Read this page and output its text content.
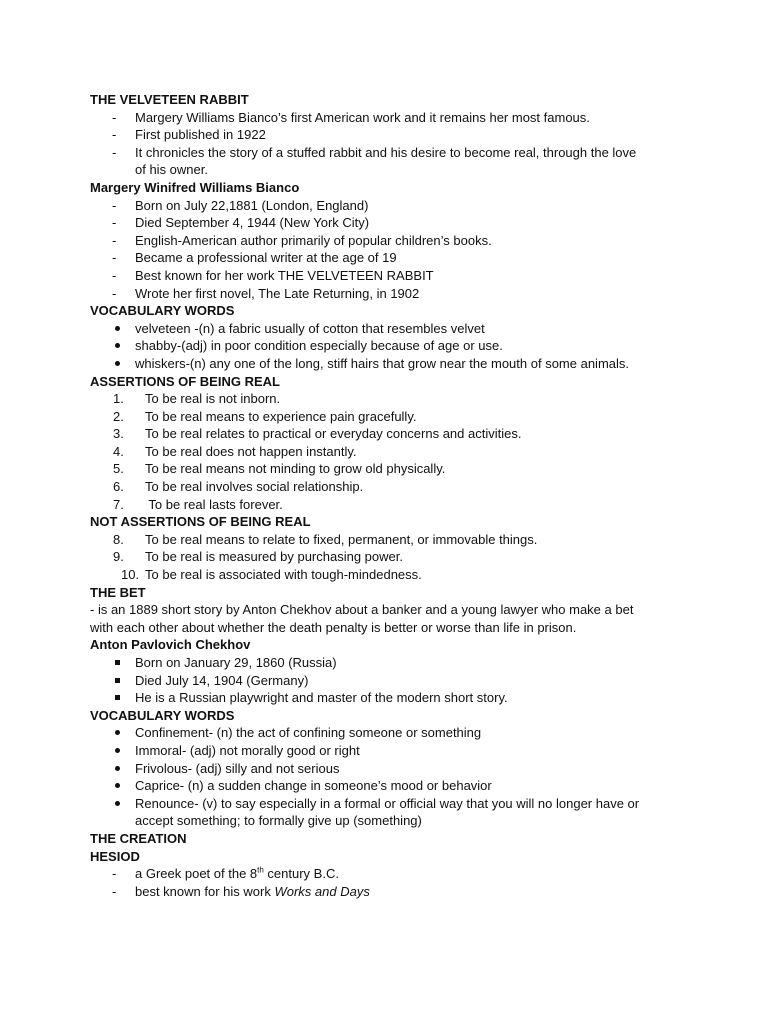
THE VELVETEEN RABBIT
-	Margery Williams Bianco’s first American work and it remains her most famous.
-	First published in 1922
-	It chronicles the story of a stuffed rabbit and his desire to become real, through the love
of his owner.
Margery Winifred Williams Bianco
-	Born on July 22,1881 (London, England)
-	Died September 4, 1944 (New York City)
-	English-American author primarily of popular children’s books.
-	Became a professional writer at the age of 19
-	Best known for her work THE VELVETEEN RABBIT
-	Wrote her first novel, The Late Returning, in 1902
VOCABULARY WORDS
velveteen -(n) a fabric usually of cotton that resembles velvet
shabby-(adj) in poor condition especially because of age or use.
whiskers-(n) any one of the long, stiff hairs that grow near the mouth of some animals.
ASSERTIONS OF BEING REAL
1.	To be real is not inborn.
2.	To be real means to experience pain gracefully.
3.	To be real relates to practical or everyday concerns and activities.
4.	To be real does not happen instantly.
5.	To be real means not minding to grow old physically.
6.	To be real involves social relationship.
7.	To be real lasts forever.
NOT ASSERTIONS OF BEING REAL
8.	To be real means to relate to fixed, permanent, or immovable things.
9.	To be real is measured by purchasing power.
10. To be real is associated with tough-mindedness.
THE BET
- is an 1889 short story by Anton Chekhov about a banker and a young lawyer who make a bet
with each other about whether the death penalty is better or worse than life in prison.
Anton Pavlovich Chekhov
Born on January 29, 1860 (Russia)
Died July 14, 1904 (Germany)
He is a Russian playwright and master of the modern short story.
VOCABULARY WORDS
Confinement- (n) the act of confining someone or something
Immoral- (adj) not morally good or right
Frivolous- (adj) silly and not serious
Caprice- (n) a sudden change in someone’s mood or behavior
Renounce- (v) to say especially in a formal or official way that you will no longer have or
accept something; to formally give up (something)
THE CREATION
HESIOD
-	a Greek poet of the 8th century B.C.
-	best known for his work Works and Days
